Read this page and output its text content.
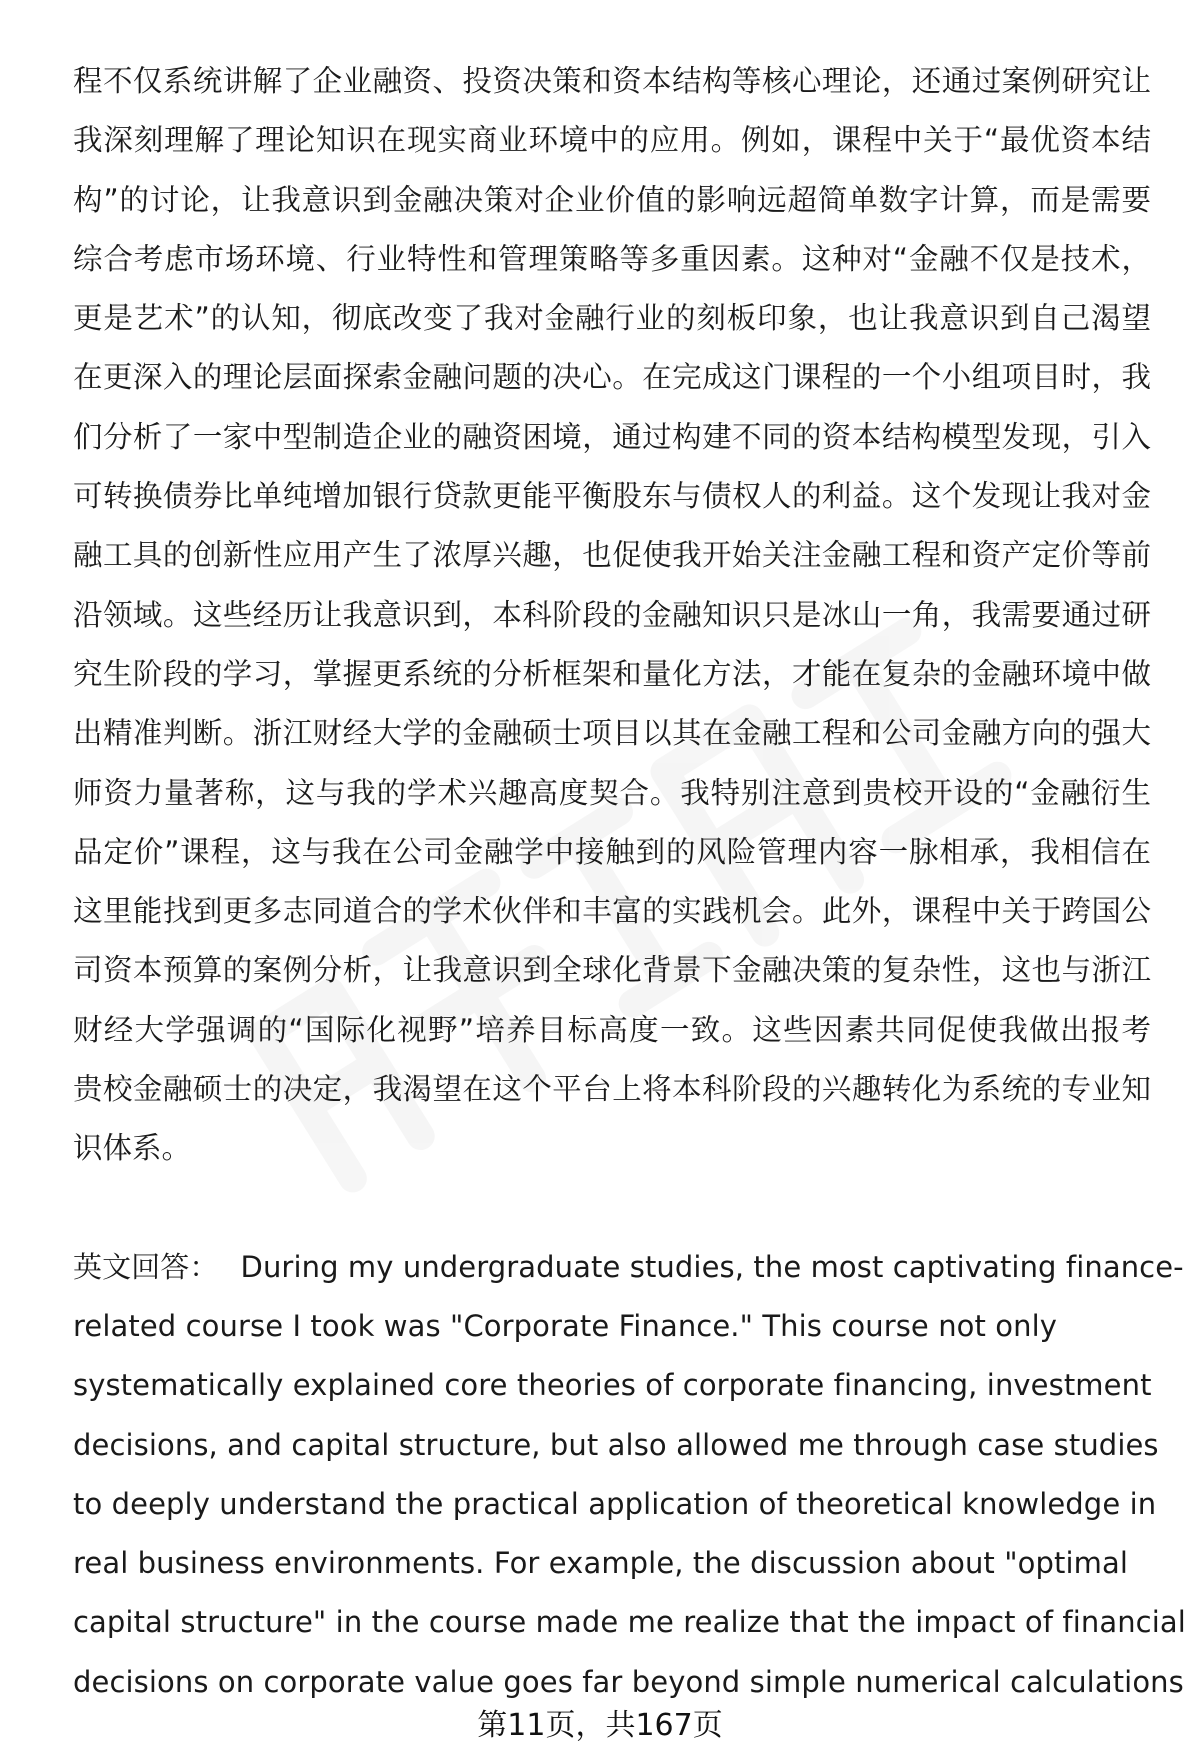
程不仅系统讲解了企业融资、投资决策和资本结构等核心理论，还通过案例研究让
我深刻理解了理论知识在现实商业环境中的应用。例如，课程中关于“最优资本结
构”的讨论，让我意识到金融决策对企业价值的影响远超简单数字计算，而是需要
综合考虑市场环境、行业特性和管理策略等多重因素。这种对“金融不仅是技术，
更是艺术”的认知，彻底改变了我对金融行业的刻板印象，也让我意识到自己渴望
在更深入的理论层面探索金融问题的决心。在完成这门课程的一个小组项目时，我
们分析了一家中型制造企业的融资困境，通过构建不同的资本结构模型发现，引入
可转换债券比单纯增加银行贷款更能平衡股东与债权人的利益。这个发现让我对金
融工具的创新性应用产生了浓厚兴趣，也促使我开始关注金融工程和资产定价等前
沿领域。这些经历让我意识到，本科阶段的金融知识只是冰山一角，我需要通过研
究生阶段的学习，掌握更系统的分析框架和量化方法，才能在复杂的金融环境中做
出精准判断。浙江财经大学的金融硕士项目以其在金融工程和公司金融方向的强大
师资力量著称，这与我的学术兴趣高度契合。我特别注意到贵校开设的“金融衍生
品定价”课程，这与我在公司金融学中接触到的风险管理内容一脉相承，我相信在
这里能找到更多志同道合的学术伙伴和丰富的实践机会。此外，课程中关于跨国公
司资本预算的案例分析，让我意识到全球化背景下金融决策的复杂性，这也与浙江
财经大学强调的“国际化视野”培养目标高度一致。这些因素共同促使我做出报考
贵校金融硕士的决定，我渴望在这个平台上将本科阶段的兴趣转化为系统的专业知
识体系。
英文回答： During my undergraduate studies, the most captivating finance-
related course I took was "Corporate Finance." This course not only
systematically explained core theories of corporate financing, investment
decisions, and capital structure, but also allowed me through case studies
to deeply understand the practical application of theoretical knowledge in
real business environments. For example, the discussion about "optimal
capital structure" in the course made me realize that the impact of financial
decisions on corporate value goes far beyond simple numerical calculations
第11页，共167页
